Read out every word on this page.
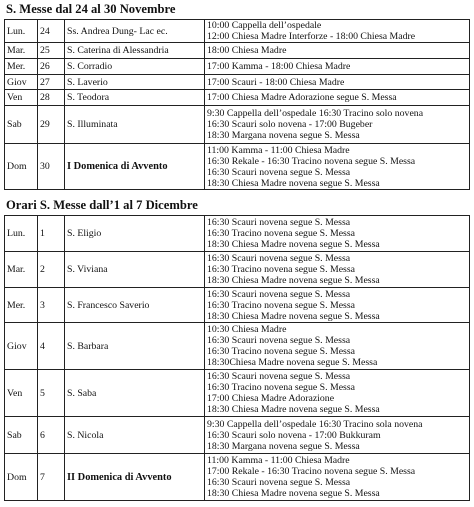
S. Messe dal 24 al 30 Novembre
Lun.	24	Ss. Andrea Dung- Lac ec.	10:00 Cappella dell’ospedale
12:00 Chiesa Madre Interforze - 18:00 Chiesa Madre

Mar.	25	S. Caterina di Alessandria	18:00 Chiesa Madre

Mer.	26	S. Corradio	17:00 Kamma - 18:00 Chiesa Madre

Giov	27	S. Laverio	17:00 Scauri - 18:00 Chiesa Madre

Ven	28	S. Teodora	17:00 Chiesa Madre Adorazione segue S. Messa

Sab	29	S. Illuminata	9:30 Cappella dell’ospedale 16:30 Tracino solo novena
16:30 Scauri solo novena - 17:00 Bugeber
18:30 Margana novena segue S. Messa

Dom	30	I Domenica di Avvento	11:00 Kamma - 11:00 Chiesa Madre
16:30 Rekale - 16:30 Tracino novena segue S. Messa
16:30 Scauri novena segue S. Messa
18:30 Chiesa Madre novena segue S. Messa
Orari S. Messe dall’1 al 7 Dicembre
Lun.	1	S. Eligio	16:30 Scauri novena segue S. Messa
16:30 Tracino novena segue S. Messa
18:30 Chiesa Madre novena segue S. Messa

Mar.	2	S. Viviana	16:30 Scauri novena segue S. Messa
16:30 Tracino novena segue S. Messa
18:30 Chiesa Madre novena segue S. Messa

Mer.	3	S. Francesco Saverio	16:30 Scauri novena segue S. Messa
16:30 Tracino novena segue S. Messa
18:30 Chiesa Madre novena segue S. Messa

Giov	4	S. Barbara	10:30 Chiesa Madre
16:30 Scauri novena segue S. Messa
16:30 Tracino novena segue S. Messa
18:30Chiesa Madre novena segue S. Messa

Ven	5	S. Saba	16:30 Scauri novena segue S. Messa
16:30 Tracino novena segue S. Messa
17:00 Chiesa Madre Adorazione
18:30 Chiesa Madre novena segue S. Messa

Sab	6	S. Nicola	9:30 Cappella dell’ospedale 16:30 Tracino sola novena
16:30 Scauri solo novena - 17:00 Bukkuram
18:30 Margana novena segue S. Messa

Dom	7	II Domenica di Avvento	11:00 Kamma - 11:00 Chiesa Madre
17:00 Rekale - 16:30 Tracino novena segue S. Messa
16:30 Scauri novena segue S. Messa
18:30 Chiesa Madre novena segue S. Messa
